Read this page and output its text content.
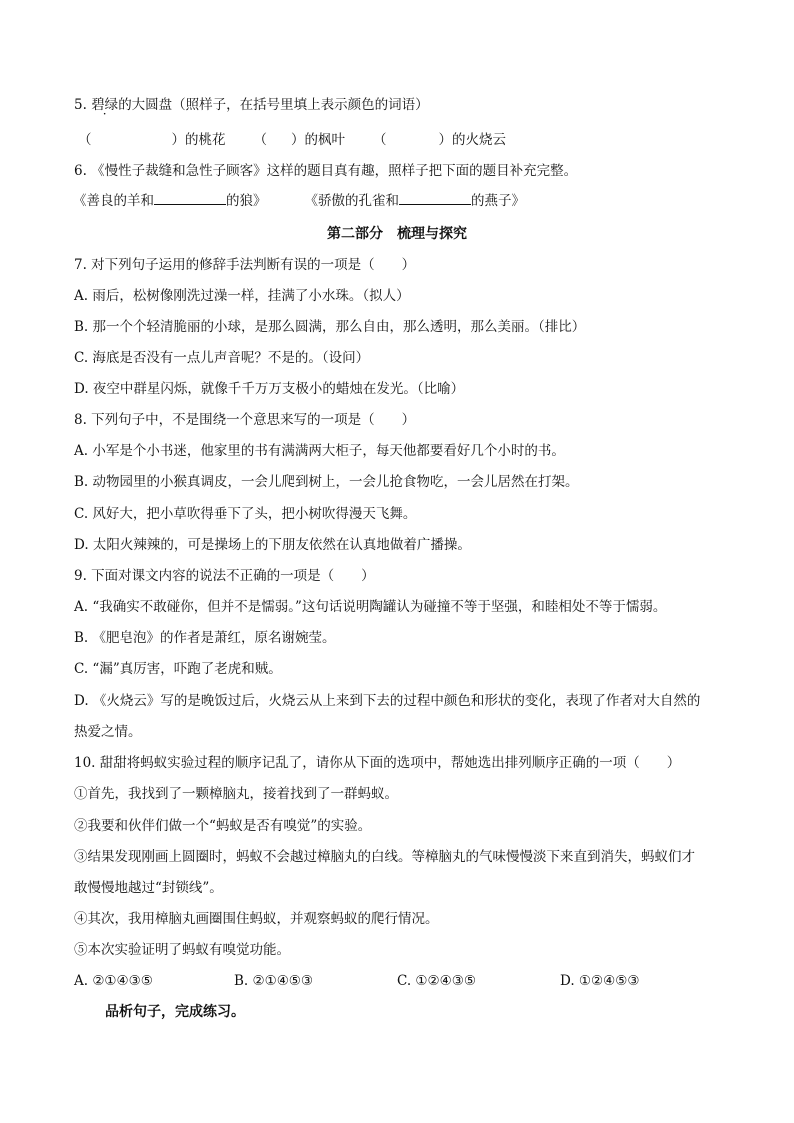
5. 碧绿的大圆盘（照样子，在括号里填上表示颜色的词语）
（	）的桃花 （ ）的枫叶 （	）的火烧云
6. 《慢性子裁缝和急性子顾客》这样的题目真有趣，照样子把下面的题目补充完整。
《善良的羊和	的狼》	《骄傲的孔雀和	的燕子》
第二部分　梳理与探究
7. 对下列句子运用的修辞手法判断有误的一项是（　　）
A. 雨后，松树像刚洗过澡一样，挂满了小水珠。（拟人）
B. 那一个个轻清脆丽的小球，是那么圆满，那么自由，那么透明，那么美丽。（排比）
C. 海底是否没有一点儿声音呢？不是的。（设问）
D. 夜空中群星闪烁，就像千千万万支极小的蜡烛在发光。（比喻）
8. 下列句子中，不是围绕一个意思来写的一项是（　　）
A. 小军是个小书迷，他家里的书有满满两大柜子，每天他都要看好几个小时的书。
B. 动物园里的小猴真调皮，一会儿爬到树上，一会儿抢食物吃，一会儿居然在打架。
C. 风好大，把小草吹得垂下了头，把小树吹得漫天飞舞。
D. 太阳火辣辣的，可是操场上的下朋友依然在认真地做着广播操。
9. 下面对课文内容的说法不正确的一项是（　　）
A. “我确实不敢碰你，但并不是懦弱。”这句话说明陶罐认为碰撞不等于坚强，和睦相处不等于懦弱。
B. 《肥皂泡》的作者是萧红，原名谢婉莹。
C. “漏”真厉害，吓跑了老虎和贼。
D. 《火烧云》写的是晚饭过后，火烧云从上来到下去的过程中颜色和形状的变化，表现了作者对大自然的
热爱之情。
10. 甜甜将蚂蚁实验过程的顺序记乱了，请你从下面的选项中，帮她选出排列顺序正确的一项（　　）
①首先，我找到了一颗樟脑丸，接着找到了一群蚂蚁。
②我要和伙伴们做一个“蚂蚁是否有嗅觉”的实验。
③结果发现刚画上圆圈时，蚂蚁不会越过樟脑丸的白线。等樟脑丸的气味慢慢淡下来直到消失，蚂蚁们才
敢慢慢地越过“封锁线”。
④其次，我用樟脑丸画圈围住蚂蚁，并观察蚂蚁的爬行情况。
⑤本次实验证明了蚂蚁有嗅觉功能。
A. ②①④③⑤	B. ②①④⑤③	C. ①②④③⑤	D. ①②④⑤③
品析句子，完成练习。
